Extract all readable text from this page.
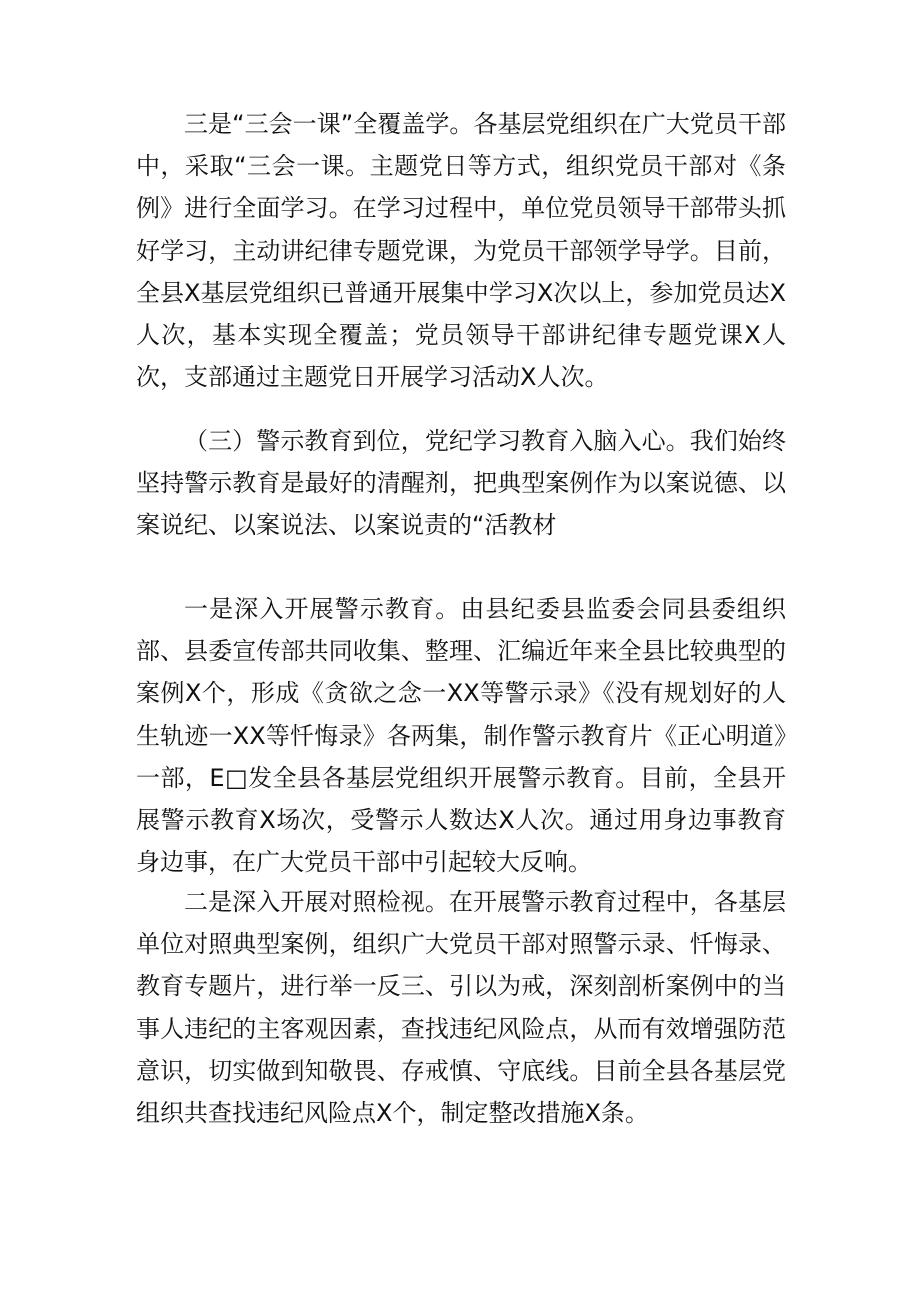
三是“三会一课”全覆盖学。各基层党组织在广大党员干部中，采取“三会一课。主题党日等方式，组织党员干部对《条例》进行全面学习。在学习过程中，单位党员领导干部带头抓好学习，主动讲纪律专题党课，为党员干部领学导学。目前，全县X基层党组织已普通开展集中学习X次以上，参加党员达X人次，基本实现全覆盖；党员领导干部讲纪律专题党课X人次，支部通过主题党日开展学习活动X人次。

（三）警示教育到位，党纪学习教育入脑入心。我们始终坚持警示教育是最好的清醒剂，把典型案例作为以案说德、以案说纪、以案说法、以案说责的“活教材

一是深入开展警示教育。由县纪委县监委会同县委组织部、县委宣传部共同收集、整理、汇编近年来全县比较典型的案例X个，形成《贪欲之念一XX等警示录》《没有规划好的人生轨迹一XX等忏悔录》各两集，制作警示教育片《正心明道》一部，E□发全县各基层党组织开展警示教育。目前，全县开展警示教育X场次，受警示人数达X人次。通过用身边事教育身边事，在广大党员干部中引起较大反响。

二是深入开展对照检视。在开展警示教育过程中，各基层单位对照典型案例，组织广大党员干部对照警示录、忏悔录、教育专题片，进行举一反三、引以为戒，深刻剖析案例中的当事人违纪的主客观因素，查找违纪风险点，从而有效增强防范意识，切实做到知敬畏、存戒慎、守底线。目前全县各基层党组织共查找违纪风险点X个，制定整改措施X条。
